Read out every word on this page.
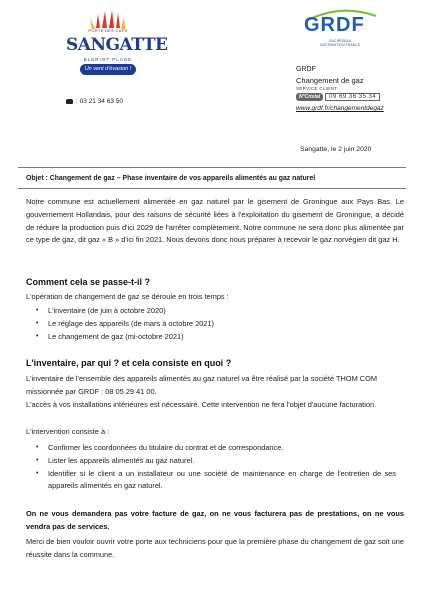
PORTE DES CAPS
SANGATTE
BLERIOT PLAGE
Un vent d'évasion !
: 03 21 34 63 50
GRDF
GAZ RÉSEAU
DISTRIBUTION FRANCE
GRDF
Changement de gaz
SERVICE CLIENT
N°Cristal	09 69 36 35 34
www.grdf.fr/changementdegaz
Sangatte, le 2 juin 2020
Objet : Changement de gaz – Phase inventaire de vos appareils alimentés au gaz naturel
Notre commune est actuellement alimentée en gaz naturel par le gisement de Groningue aux Pays Bas. Le gouvernement Hollandais, pour des raisons de sécurité liées à l'exploitation du gisement de Groningue, a décidé de réduire la production puis d'ici 2029 de l'arrêter complètement. Notre commune ne sera donc plus alimentée par ce type de gaz, dit gaz « B » d'ici fin 2021. Nous devons donc nous préparer à recevoir le gaz norvégien dit gaz H.
Comment cela se passe-t-il ?
L'opération de changement de gaz se déroule en trois temps :
• L'inventaire (de juin à octobre 2020)
• Le réglage des appareils (de mars à octobre 2021)
• Le changement de gaz (mi-octobre 2021)
L'inventaire, par qui ? et cela consiste en quoi ?
L'inventaire de l'ensemble des appareils alimentés au gaz naturel va être réalisé par la société THOM COM missionnée par GRDF : 08 05 29 41 00.
L'accès à vos installations intérieures est nécessaire. Cette intervention ne fera l'objet d'aucune facturation.
L'intervention consiste à :
• Confirmer les coordonnées du titulaire du contrat et de correspondance.
• Lister les appareils alimentés au gaz naturel.
• Identifier si le client a un installateur ou une société de maintenance en charge de l'entretien de ses appareils alimentés en gaz naturel.
On ne vous demandera pas votre facture de gaz, on ne vous facturera pas de prestations, on ne vous vendra pas de services.
Merci de bien vouloir ouvrir votre porte aux techniciens pour que la première phase du changement de gaz soit une réussite dans la commune.
